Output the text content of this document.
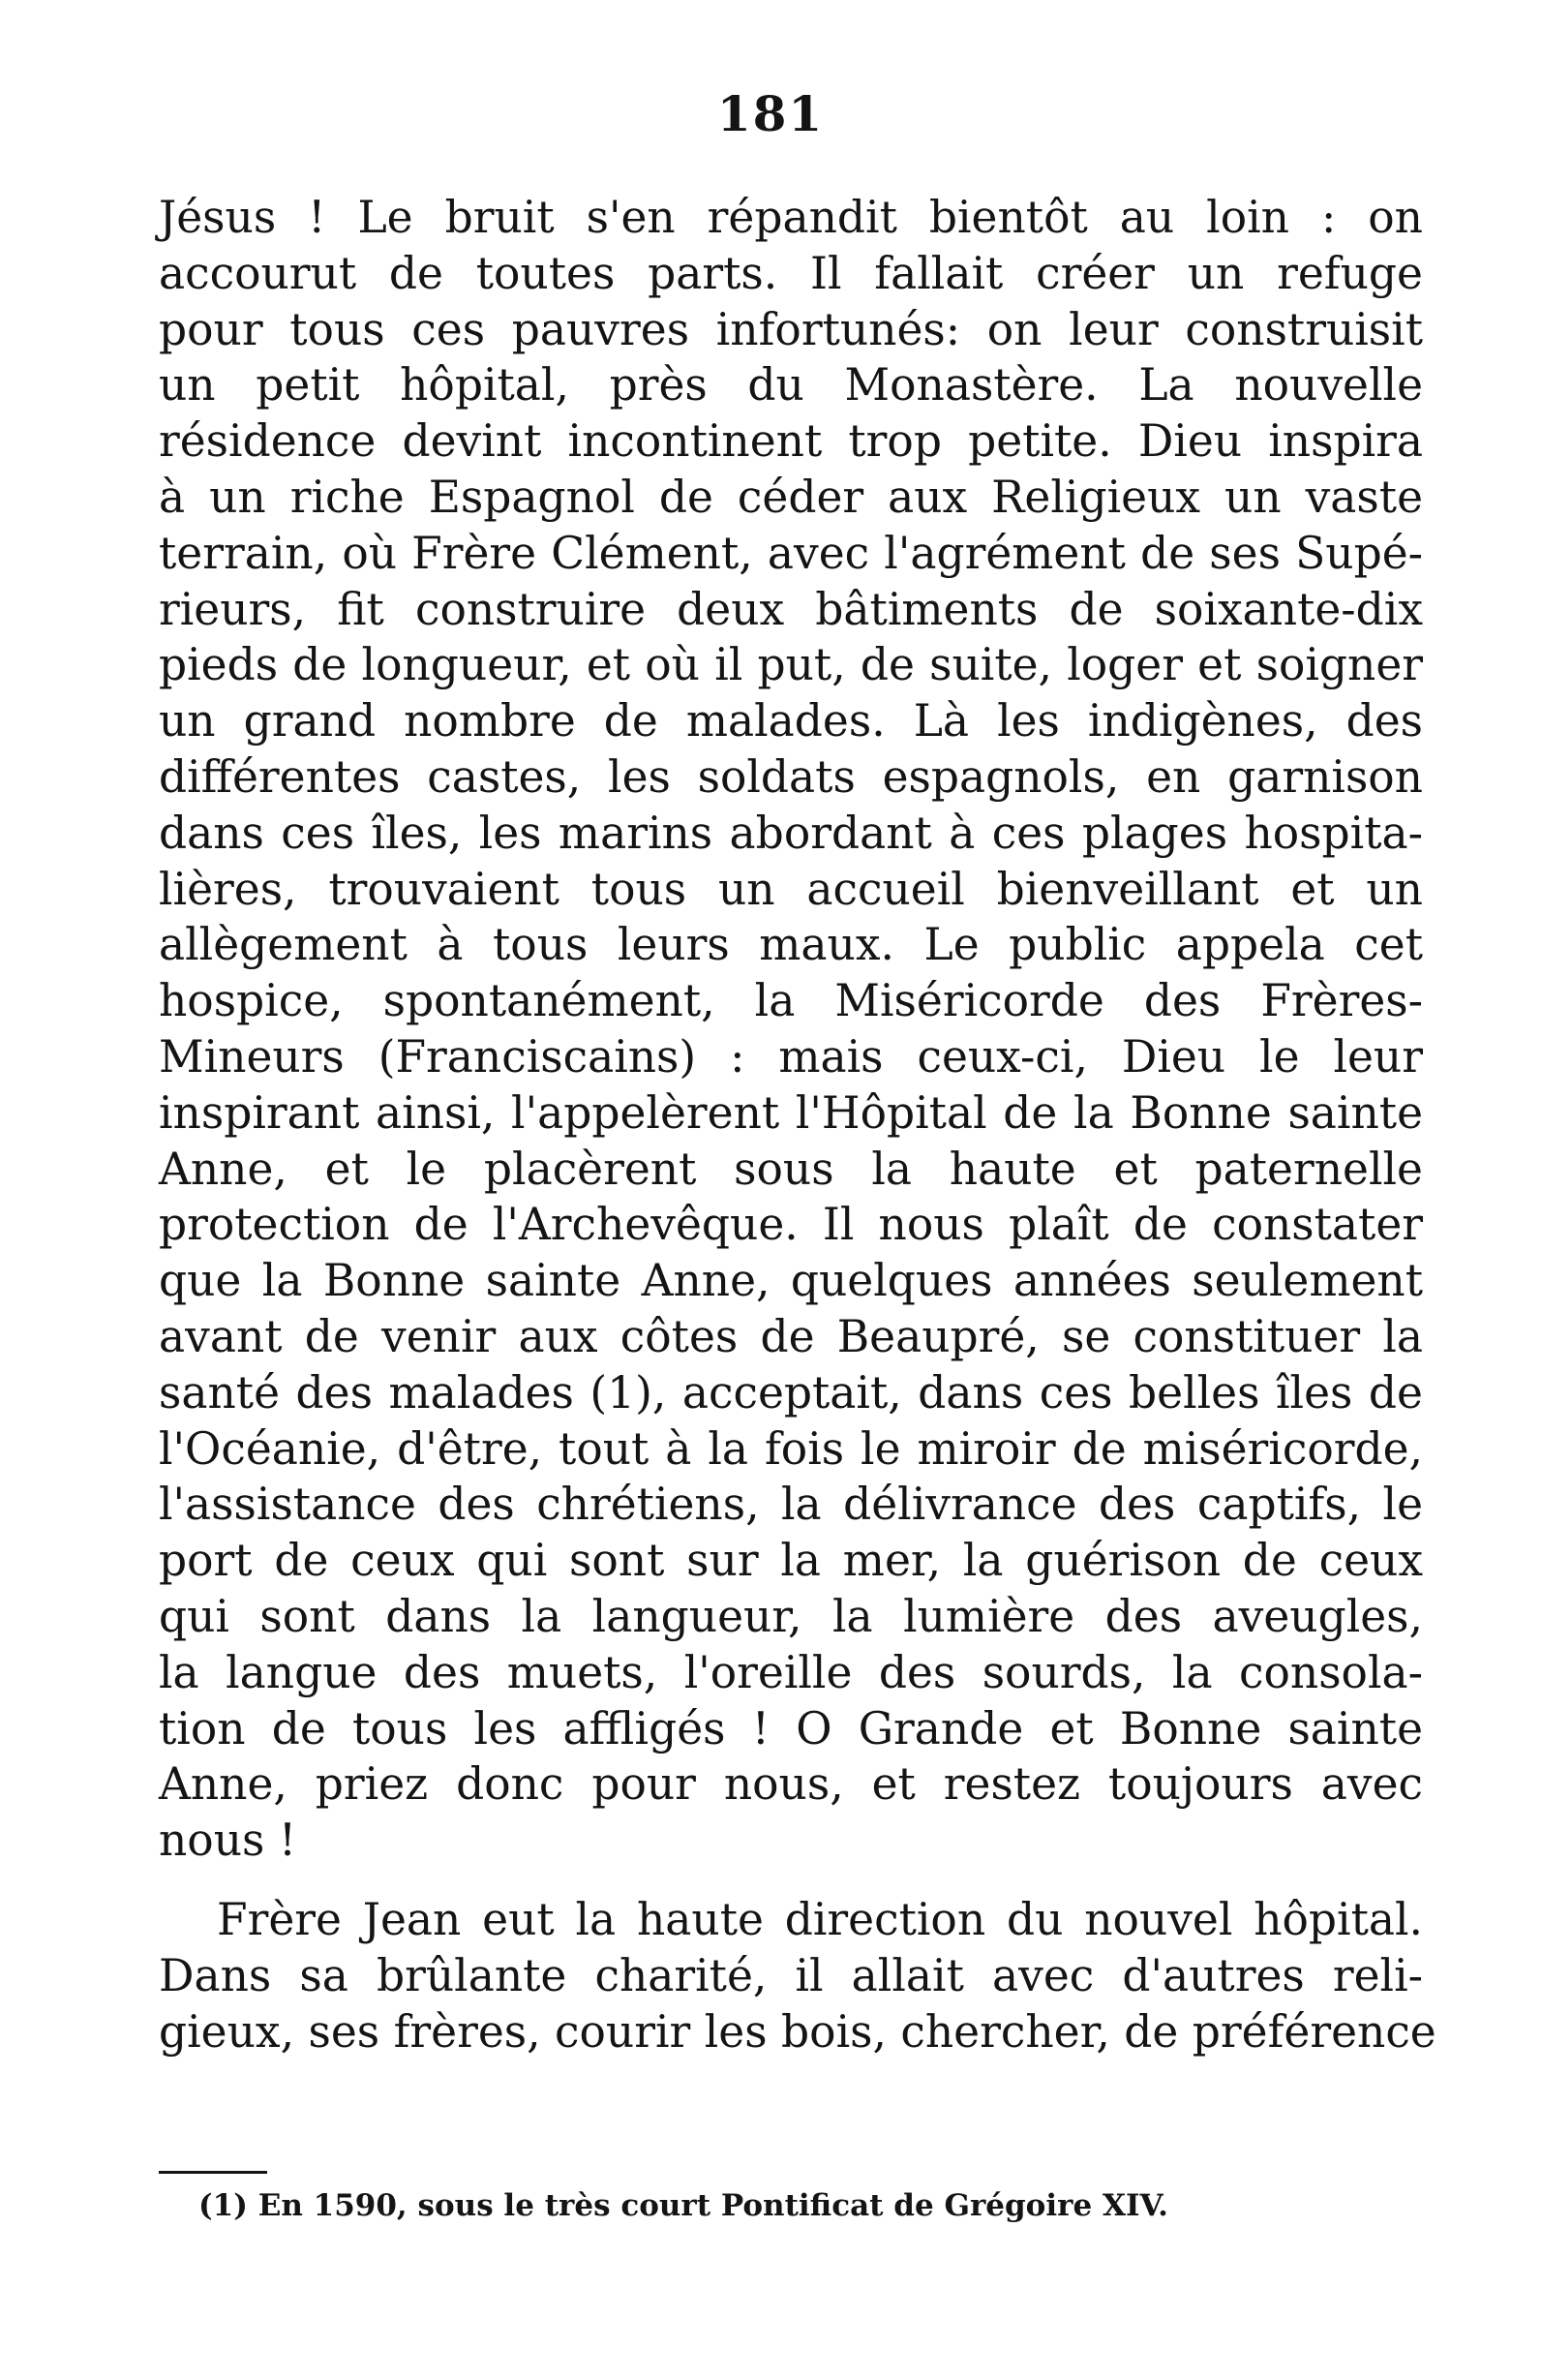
181
Jésus ! Le bruit s'en répandit bientôt au loin : on
accourut de toutes parts. Il fallait créer un refuge
pour tous ces pauvres infortunés: on leur construisit
un petit hôpital, près du Monastère. La nouvelle
résidence devint incontinent trop petite. Dieu inspira
à un riche Espagnol de céder aux Religieux un vaste
terrain, où Frère Clément, avec l'agrément de ses Supé-
rieurs, fit construire deux bâtiments de soixante-dix
pieds de longueur, et où il put, de suite, loger et soigner
un grand nombre de malades. Là les indigènes, des
différentes castes, les soldats espagnols, en garnison
dans ces îles, les marins abordant à ces plages hospita-
lières, trouvaient tous un accueil bienveillant et un
allègement à tous leurs maux. Le public appela cet
hospice, spontanément, la Miséricorde des Frères-
Mineurs (Franciscains) : mais ceux-ci, Dieu le leur
inspirant ainsi, l'appelèrent l'Hôpital de la Bonne sainte
Anne, et le placèrent sous la haute et paternelle
protection de l'Archevêque. Il nous plaît de constater
que la Bonne sainte Anne, quelques années seulement
avant de venir aux côtes de Beaupré, se constituer la
santé des malades (1), acceptait, dans ces belles îles de
l'Océanie, d'être, tout à la fois le miroir de miséricorde,
l'assistance des chrétiens, la délivrance des captifs, le
port de ceux qui sont sur la mer, la guérison de ceux
qui sont dans la langueur, la lumière des aveugles,
la langue des muets, l'oreille des sourds, la consola-
tion de tous les affligés ! O Grande et Bonne sainte
Anne, priez donc pour nous, et restez toujours avec
nous !
Frère Jean eut la haute direction du nouvel hôpital.
Dans sa brûlante charité, il allait avec d'autres reli-
gieux, ses frères, courir les bois, chercher, de préférence
(1) En 1590, sous le très court Pontificat de Grégoire XIV.
